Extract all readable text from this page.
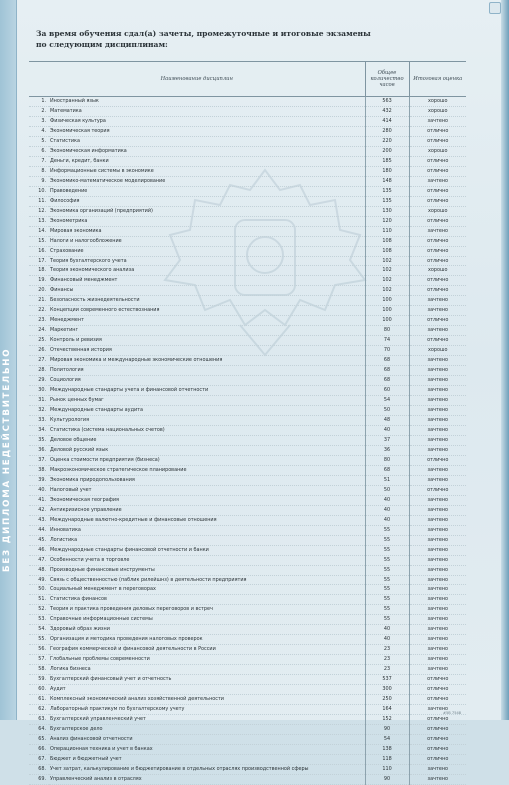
БЕЗ ДИПЛОМА НЕДЕЙСТВИТЕЛЬНО
За время обучения сдал(а) зачеты, промежуточные и итоговые экзамены
по следующим дисциплинам:
Наименование дисциплин		Общее количество часов	Итоговая оценка
1.	Иностранный язык	563	хорошо
2.	Математика	432	хорошо
3.	Физическая культура	414	зачтено
4.	Экономическая теория	280	отлично
5.	Статистика	220	отлично
6.	Экономическая информатика	200	хорошо
7.	Деньги, кредит, банки	185	отлично
8.	Информационные системы в экономике	180	отлично
9.	Экономико-математическое моделирование	148	зачтено
10.	Правоведение	135	отлично
11.	Философия	135	отлично
12.	Экономика организаций (предприятий)	130	хорошо
13.	Эконометрика	120	отлично
14.	Мировая экономика	110	зачтено
15.	Налоги и налогообложение	108	отлично
16.	Страхование	108	отлично
17.	Теория бухгалтерского учета	102	отлично
18.	Теория экономического анализа	102	хорошо
19.	Финансовый менеджмент	102	отлично
20.	Финансы	102	отлично
21.	Безопасность жизнедеятельности	100	зачтено
22.	Концепции современного естествознания	100	зачтено
23.	Менеджмент	100	отлично
24.	Маркетинг	80	зачтено
25.	Контроль и ревизия	74	отлично
26.	Отечественная история	70	хорошо
27.	Мировая экономика и международные экономические отношения	68	зачтено
28.	Политология	68	зачтено
29.	Социология	68	зачтено
30.	Международные стандарты учета и финансовой отчетности	60	зачтено
31.	Рынок ценных бумаг	54	зачтено
32.	Международные стандарты аудита	50	зачтено
33.	Культурология	48	зачтено
34.	Статистика (система национальных счетов)	40	зачтено
35.	Деловое общение	37	зачтено
36.	Деловой русский язык	36	зачтено
37.	Оценка стоимости предприятия (бизнеса)	80	отлично
38.	Макроэкономическое стратегическое планирование	68	зачтено
39.	Экономика природопользования	51	зачтено
40.	Налоговый учет	50	отлично
41.	Экономическая география	40	зачтено
42.	Антикризисное управление	40	зачтено
43.	Международные валютно-кредитные и финансовые отношения	40	зачтено
44.	Инноватика	55	зачтено
45.	Логистика	55	зачтено
46.	Международные стандарты финансовой отчетности и банки	55	зачтено
47.	Особенности учета в торговле	55	зачтено
48.	Производные финансовые инструменты	55	зачтено
49.	Связь с общественностью (паблик рилейшнз) в деятельности предприятия	55	зачтено
50.	Социальный менеджмент в переговорах	55	зачтено
51.	Статистика финансов	55	зачтено
52.	Теория и практика проведения деловых переговоров и встреч	55	зачтено
53.	Справочные информационные системы	55	зачтено
54.	Здоровый образ жизни	40	зачтено
55.	Организация и методика проведения налоговых проверок	40	зачтено
56.	География коммерческой и финансовой деятельности в России	23	зачтено
57.	Глобальные проблемы современности	23	зачтено
58.	Логика бизнеса	23	зачтено
59.	Бухгалтерский финансовый учет и отчетность	537	отлично
60.	Аудит	300	отлично
61.	Комплексный экономический анализ хозяйственной деятельности	250	отлично
62.	Лабораторный практикум по бухгалтерскому учету	164	зачтено
63.	Бухгалтерский управленческий учет	152	отлично
64.	Бухгалтерское дело	90	отлично
65.	Анализ финансовой отчетности	54	отлично
66.	Операционная техника и учет в банках	138	отлично
67.	Бюджет и бюджетный учет	118	отлично
68.	Учет затрат, калькулирование и бюджетирование в отдельных отраслях производственной сферы	110	зачтено
69.	Управленческий анализ в отраслях	90	зачтено
#5В 7548
